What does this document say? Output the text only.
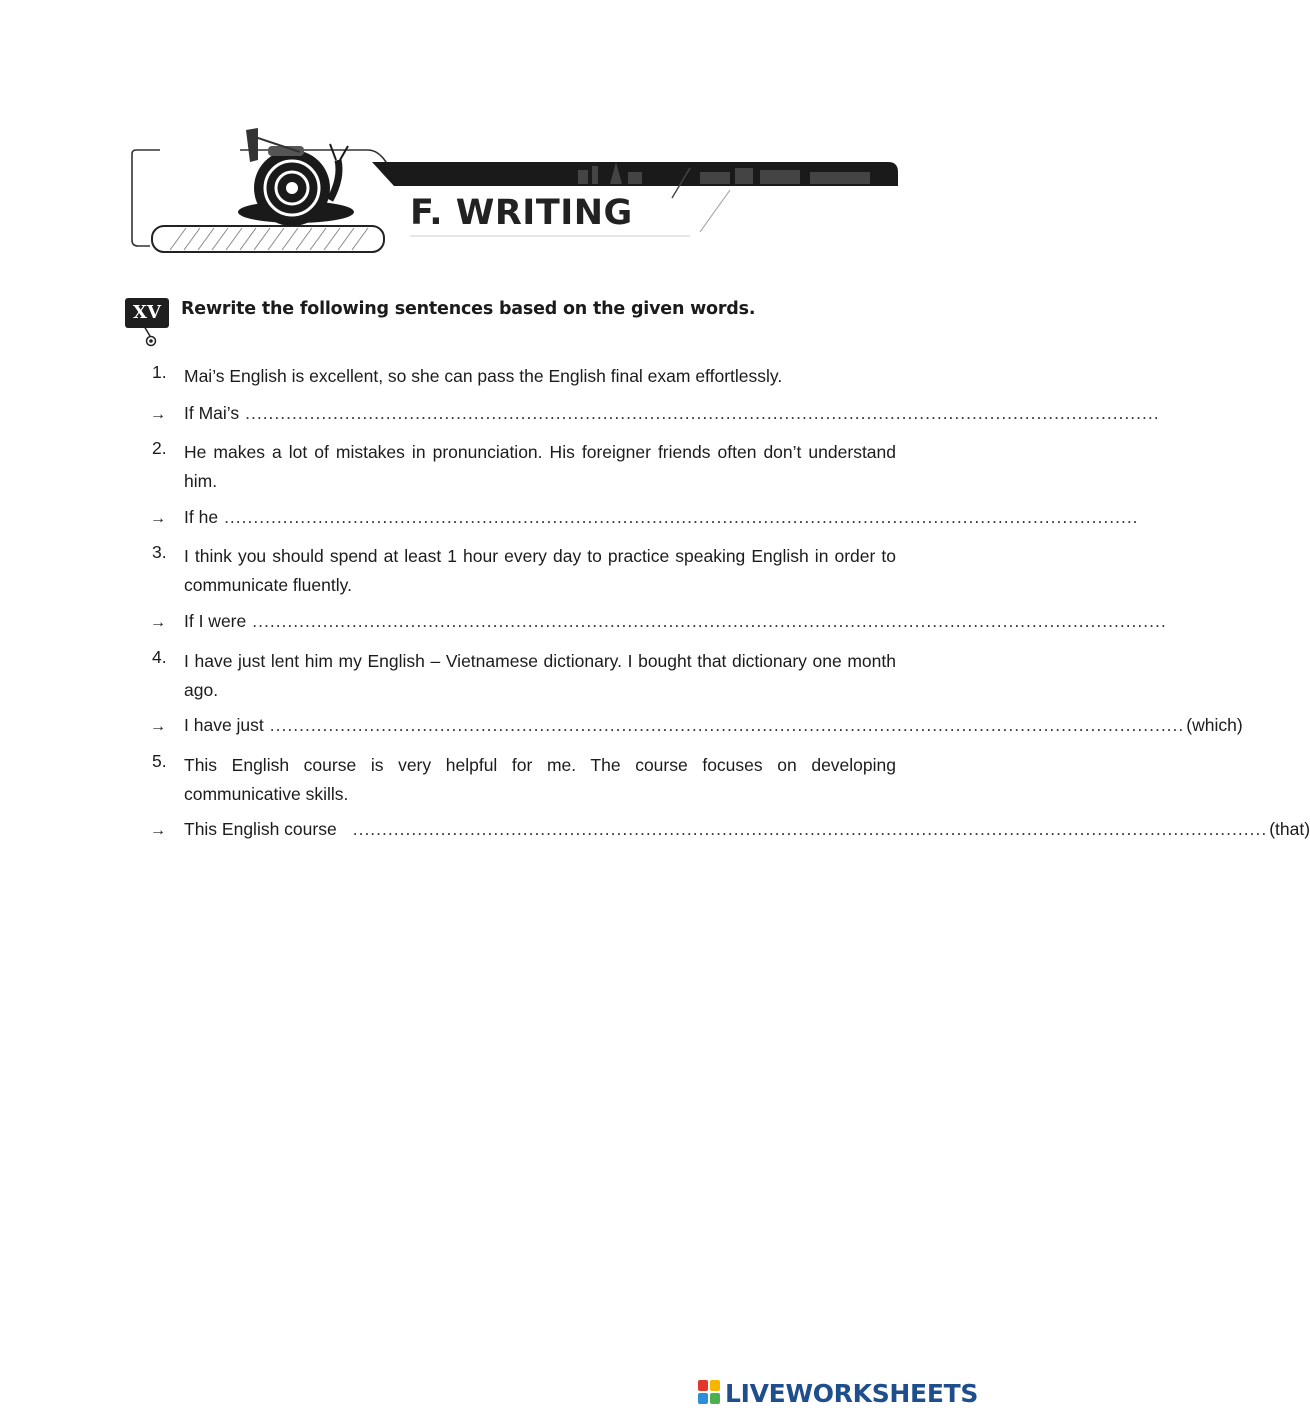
F. WRITING
XV	Rewrite the following sentences based on the given words.

1. Mai’s English is excellent, so she can pass the English final exam effortlessly.
→	If Mai’s ............................................................................................................................................................
2. He makes a lot of mistakes in pronunciation. His foreigner friends often don’t understand him.
→	If he ............................................................................................................................................................
3. I think you should spend at least 1 hour every day to practice speaking English in order to communicate fluently.
→	If I were ............................................................................................................................................................
4. I have just lent him my English – Vietnamese dictionary. I bought that dictionary one month ago.
→	I have just ............................................................................................................................................................ (which)
5. This English course is very helpful for me. The course focuses on developing communicative skills.
→	This English course ............................................................................................................................................................ (that)
LIVEWORKSHEETS
